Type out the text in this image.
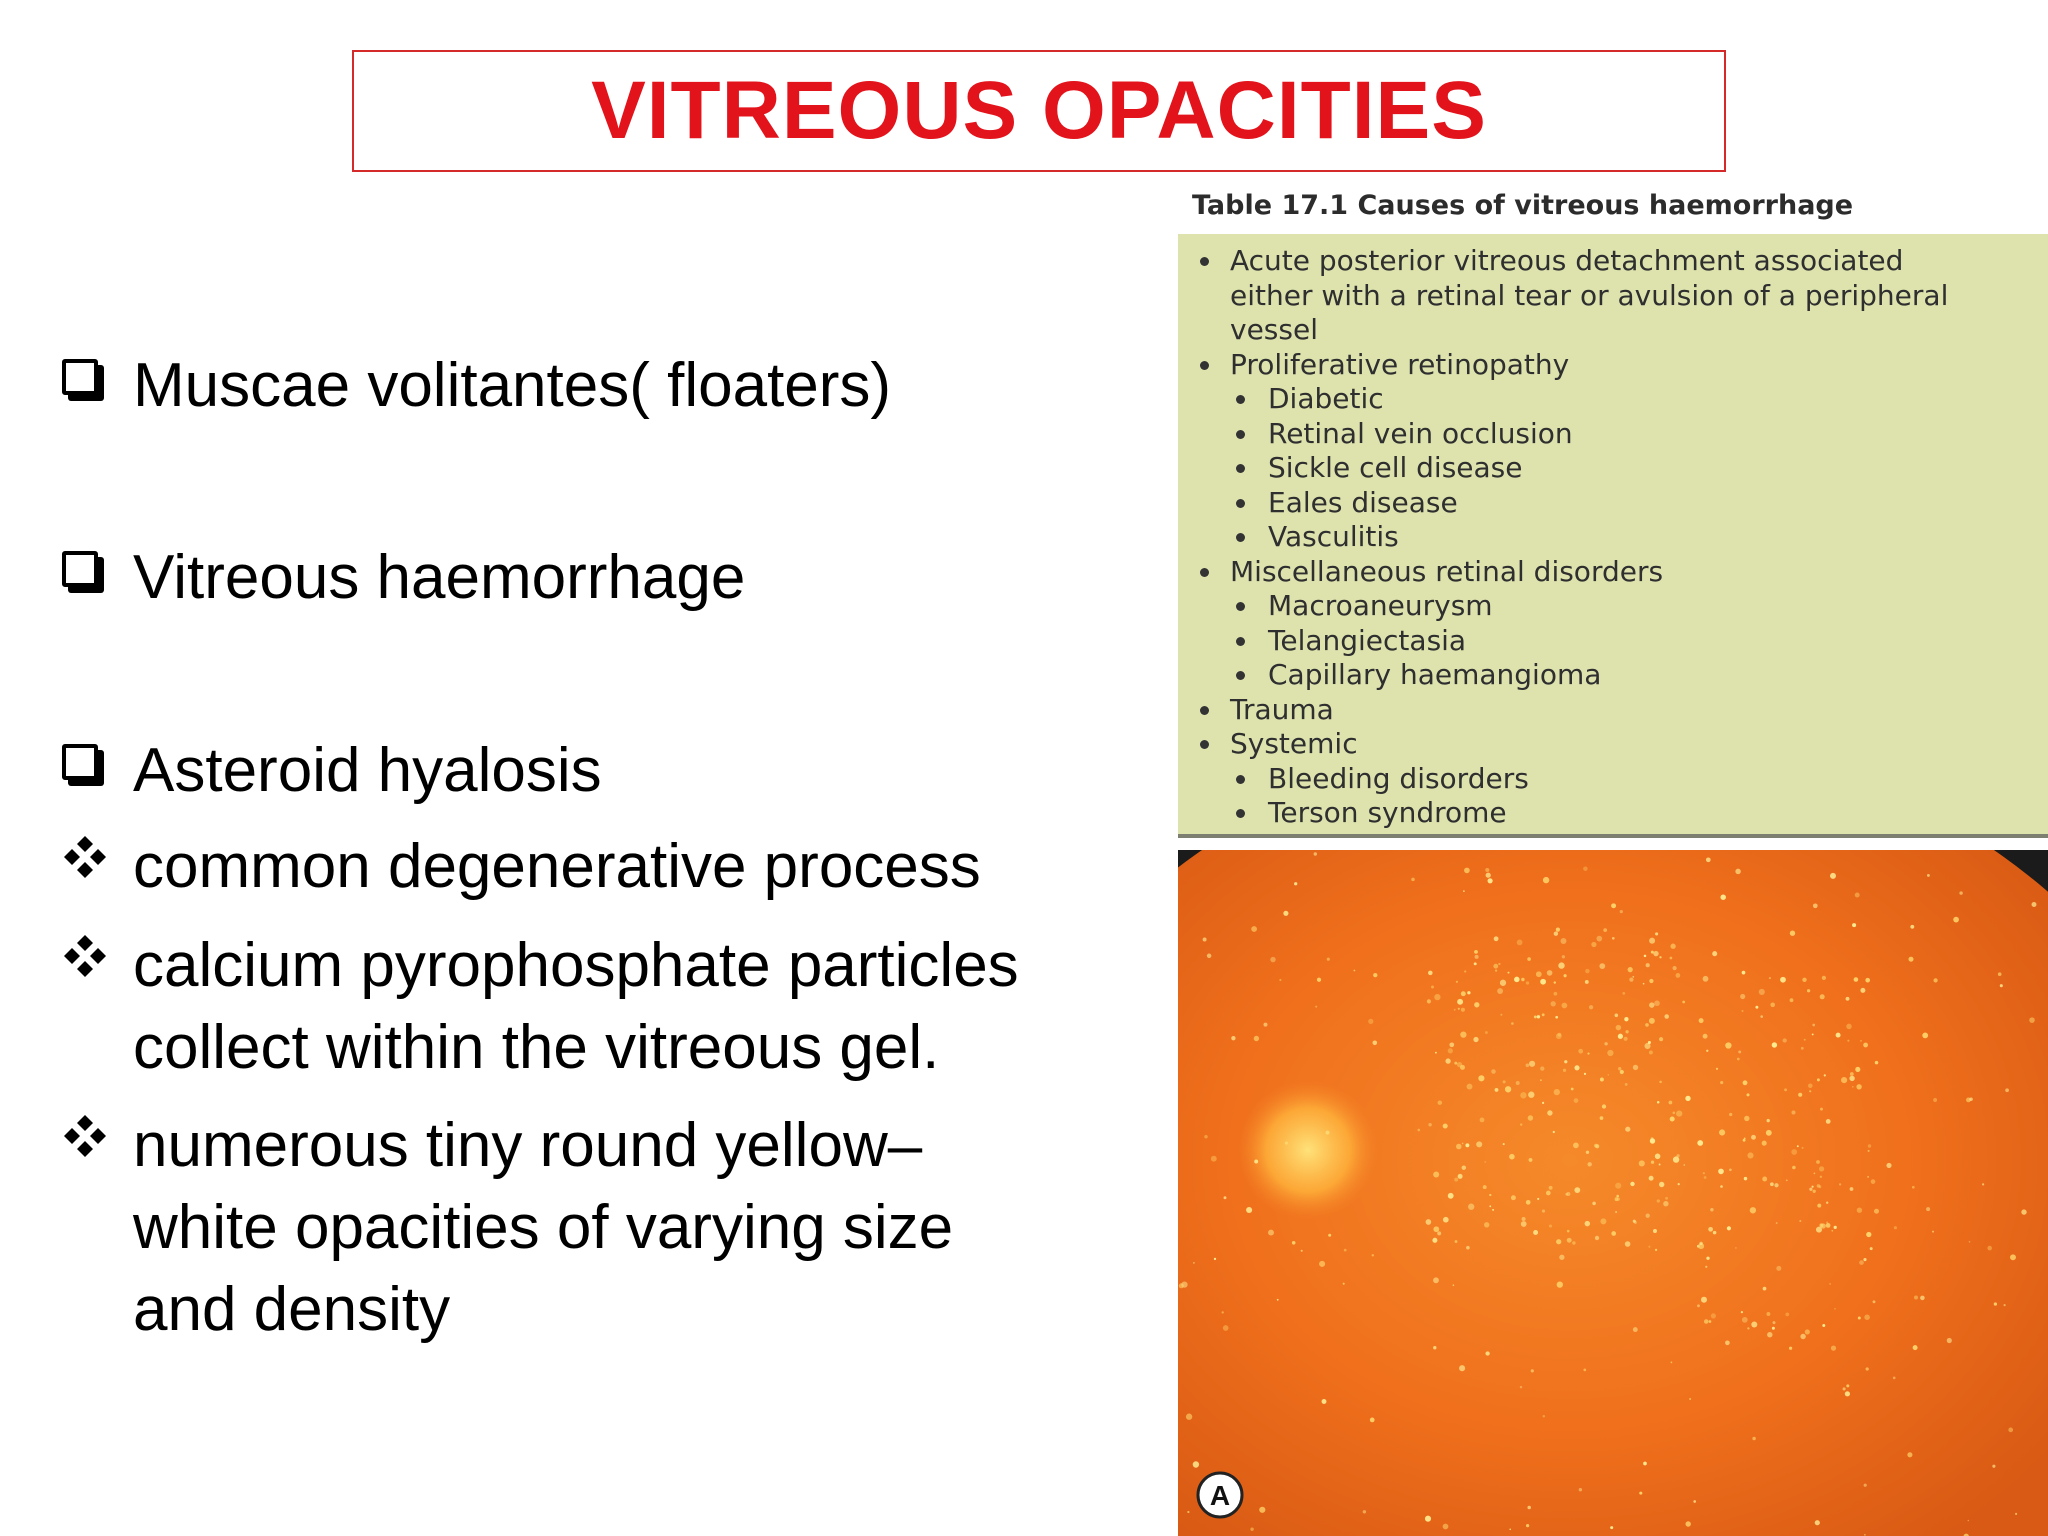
VITREOUS OPACITIES
Muscae volitantes( floaters)
Vitreous haemorrhage
Asteroid hyalosis
common degenerative process
calcium pyrophosphate particles collect within the vitreous gel.
numerous tiny round yellow– white opacities of varying size and density
Table 17.1 Causes of vitreous haemorrhage
Acute posterior vitreous detachment associated
either with a retinal tear or avulsion of a peripheral
vessel
Proliferative retinopathy
Diabetic
Retinal vein occlusion
Sickle cell disease
Eales disease
Vasculitis
Miscellaneous retinal disorders
Macroaneurysm
Telangiectasia
Capillary haemangioma
Trauma
Systemic
Bleeding disorders
Terson syndrome
A
